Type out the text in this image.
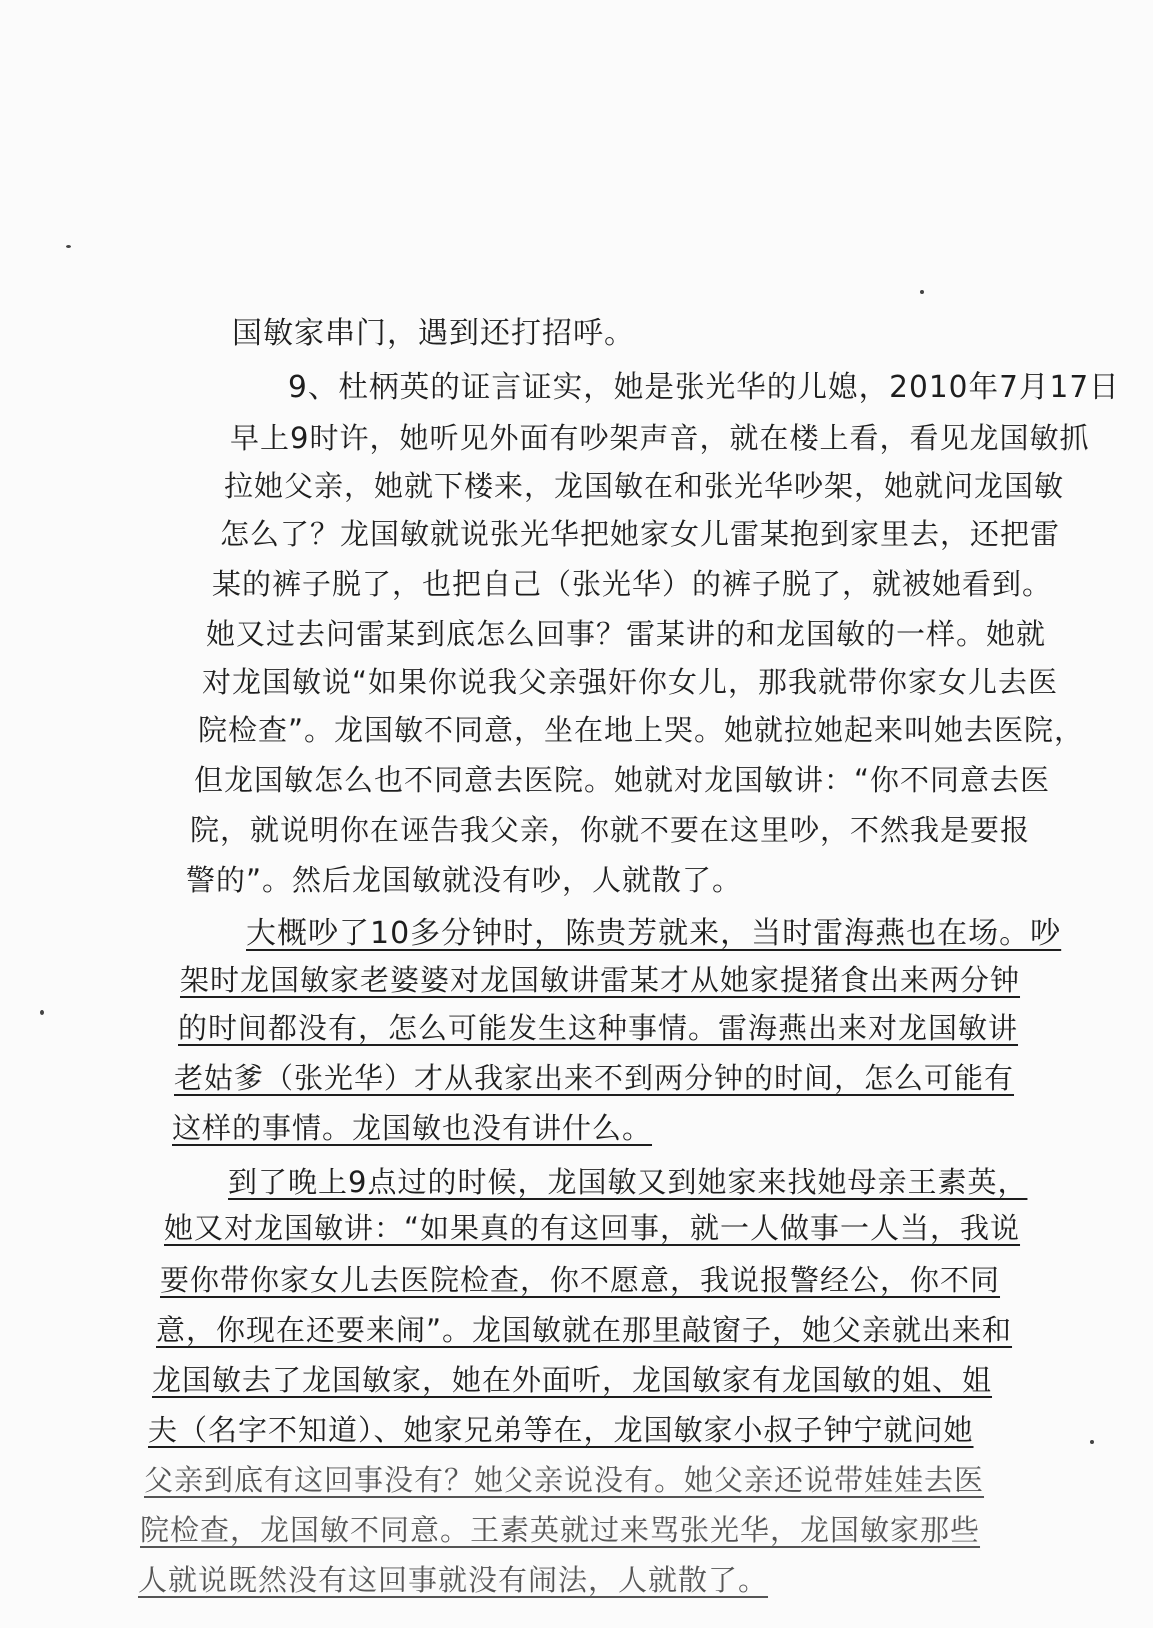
国敏家串门，遇到还打招呼。
9、杜柄英的证言证实，她是张光华的儿媳，2010年7月17日
早上9时许，她听见外面有吵架声音，就在楼上看，看见龙国敏抓
拉她父亲，她就下楼来，龙国敏在和张光华吵架，她就问龙国敏
怎么了？龙国敏就说张光华把她家女儿雷某抱到家里去，还把雷
某的裤子脱了，也把自己（张光华）的裤子脱了，就被她看到。
她又过去问雷某到底怎么回事？雷某讲的和龙国敏的一样。她就
对龙国敏说“如果你说我父亲强奸你女儿，那我就带你家女儿去医
院检查”。龙国敏不同意，坐在地上哭。她就拉她起来叫她去医院，
但龙国敏怎么也不同意去医院。她就对龙国敏讲：“你不同意去医
院，就说明你在诬告我父亲，你就不要在这里吵，不然我是要报
警的”。然后龙国敏就没有吵，人就散了。
大概吵了10多分钟时，陈贵芳就来，当时雷海燕也在场。吵
架时龙国敏家老婆婆对龙国敏讲雷某才从她家提猪食出来两分钟
的时间都没有，怎么可能发生这种事情。雷海燕出来对龙国敏讲
老姑爹（张光华）才从我家出来不到两分钟的时间，怎么可能有
这样的事情。龙国敏也没有讲什么。
到了晚上9点过的时候，龙国敏又到她家来找她母亲王素英，
她又对龙国敏讲：“如果真的有这回事，就一人做事一人当，我说
要你带你家女儿去医院检查，你不愿意，我说报警经公，你不同
意，你现在还要来闹”。龙国敏就在那里敲窗子，她父亲就出来和
龙国敏去了龙国敏家，她在外面听，龙国敏家有龙国敏的姐、姐
夫（名字不知道）、她家兄弟等在，龙国敏家小叔子钟宁就问她
父亲到底有这回事没有？她父亲说没有。她父亲还说带娃娃去医
院检查，龙国敏不同意。王素英就过来骂张光华，龙国敏家那些
人就说既然没有这回事就没有闹法，人就散了。
